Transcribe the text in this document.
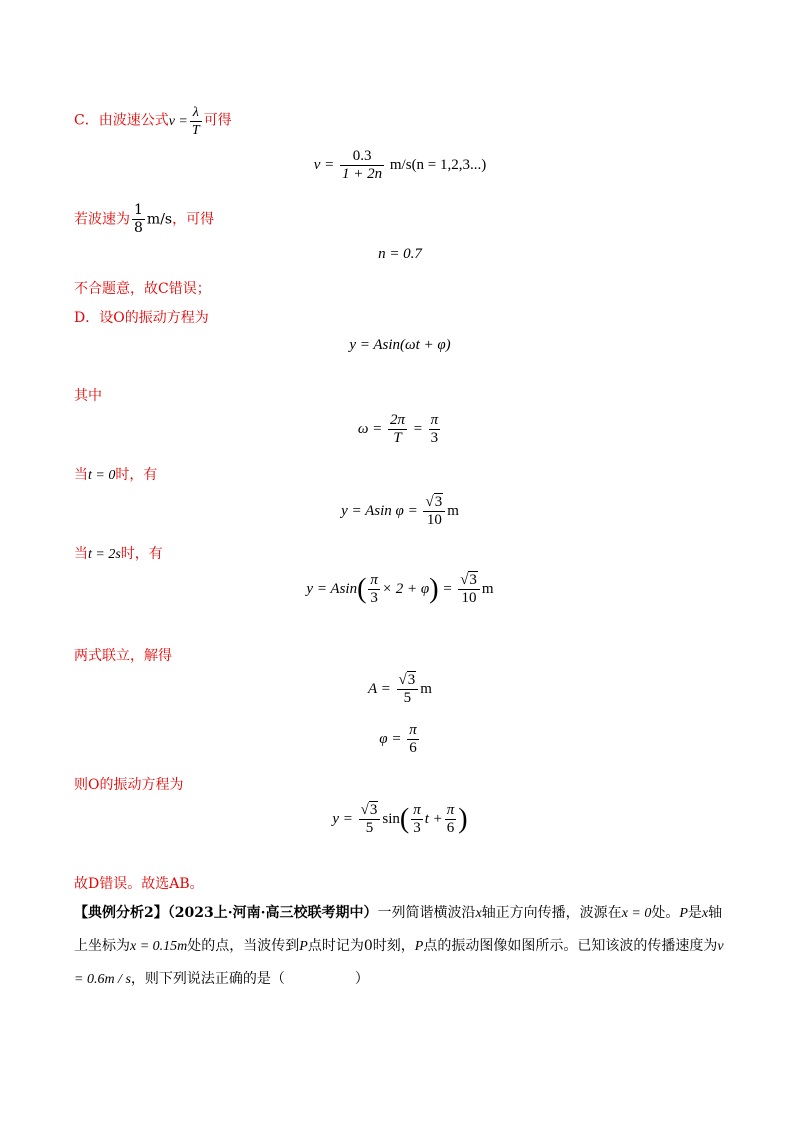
C．由波速公式$v = \frac{\lambda}{T}$ 可得
$v = \frac{0.3}{1 + 2n} m/s(n = 1,2,3...)$
若波速为 $\frac{1}{8} m/s$，可得
n = 0.7
不合题意，故C错误；
D．设O的振动方程为
y = Asin(ωt + φ)
其中
$\omega = \frac{2\pi}{T} = \frac{\pi}{3}$
当t = 0时，有
y = Asin $\varphi = \frac{√3}{10}$ m
当t = 2s时，有
$y = Asin( \frac{\pi}{3} \times 2 + \varphi) = \frac{√3}{10}$ m
两式联立，解得
$A = \frac{√3}{5}$ m
$\varphi = \frac{\pi}{6}$
则O的振动方程为
$y = \frac{√3}{5} \sin( \frac{\pi}{3}$ $t + \frac{\pi}{6}$ )
故D错误。故选AB。
【典例分析2】（2023上·河南·高三校联考期中）一列简谐横波沿x轴正方向传播，波源在x = 0处。P是x轴上坐标为x = 0.15m处的点，当波传到P点时记为0时刻，P点的振动图像如图所示。已知该波的传播速度为v = 0.6m / s，则下列说法正确的是（	）
